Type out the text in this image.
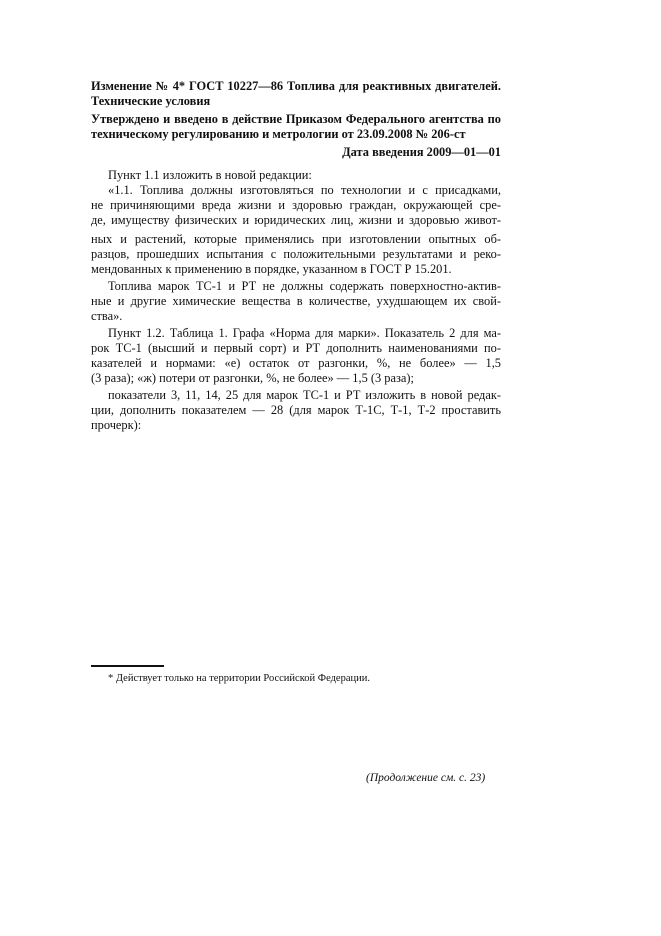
Изменение № 4* ГОСТ 10227—86 Топлива для реактивных двигателей.
Технические условия
Утверждено и введено в действие Приказом Федерального агентства по
техническому регулированию и метрологии от 23.09.2008 № 206-ст
Дата введения 2009—01—01
Пункт 1.1 изложить в новой редакции:
«1.1. Топлива должны изготовляться по технологии и с присадками,
не причиняющими вреда жизни и здоровью граждан, окружающей сре-
де, имуществу физических и юридических лиц, жизни и здоровью живот-
ных и растений, которые применялись при изготовлении опытных об-
разцов, прошедших испытания с положительными результатами и реко-
мендованных к применению в порядке, указанном в ГОСТ Р 15.201.
Топлива марок ТС-1 и РТ не должны содержать поверхностно-актив-
ные и другие химические вещества в количестве, ухудшающем их свой-
ства».
Пункт 1.2. Таблица 1. Графа «Норма для марки». Показатель 2 для ма-
рок ТС-1 (высший и первый сорт) и РТ дополнить наименованиями по-
казателей и нормами: «е) остаток от разгонки, %, не более» — 1,5
(3 раза); «ж) потери от разгонки, %, не более» — 1,5 (3 раза);
показатели 3, 11, 14, 25 для марок ТС-1 и РТ изложить в новой редак-
ции, дополнить показателем — 28 (для марок Т-1С, Т-1, Т-2 проставить
прочерк):
* Действует только на территории Российской Федерации.
(Продолжение см. с. 23)
